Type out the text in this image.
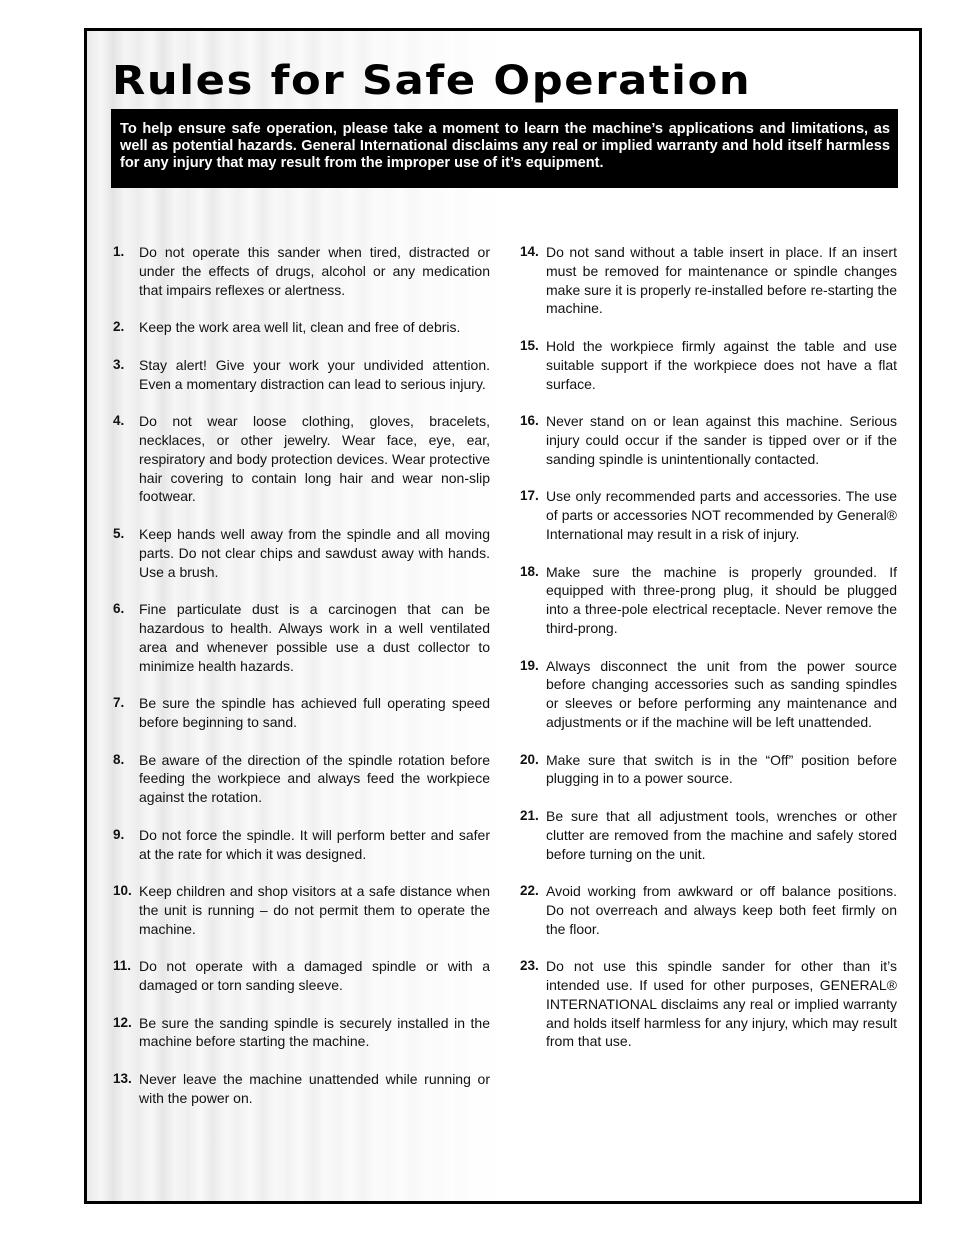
Rules for Safe Operation
To help ensure safe operation, please take a moment to learn the machine’s applications and limitations, as well as potential hazards. General International disclaims any real or implied warranty and hold itself harmless for any injury that may result from the improper use of it’s equipment.
1. Do not operate this sander when tired, distracted or under the effects of drugs, alcohol or any medication that impairs reflexes or alertness.
2. Keep the work area well lit, clean and free of debris.
3. Stay alert! Give your work your undivided attention. Even a momentary distraction can lead to serious injury.
4. Do not wear loose clothing, gloves, bracelets, necklaces, or other jewelry. Wear face, eye, ear, respiratory and body protection devices. Wear protective hair covering to contain long hair and wear non-slip footwear.
5. Keep hands well away from the spindle and all moving parts. Do not clear chips and sawdust away with hands. Use a brush.
6. Fine particulate dust is a carcinogen that can be hazardous to health. Always work in a well ventilated area and whenever possible use a dust collector to minimize health hazards.
7. Be sure the spindle has achieved full operating speed before beginning to sand.
8. Be aware of the direction of the spindle rotation before feeding the workpiece and always feed the workpiece against the rotation.
9. Do not force the spindle. It will perform better and safer at the rate for which it was designed.
10. Keep children and shop visitors at a safe distance when the unit is running – do not permit them to operate the machine.
11. Do not operate with a damaged spindle or with a damaged or torn sanding sleeve.
12. Be sure the sanding spindle is securely installed in the machine before starting the machine.
13. Never leave the machine unattended while running or with the power on.
14. Do not sand without a table insert in place. If an insert must be removed for maintenance or spindle changes make sure it is properly re-installed before re-starting the machine.
15. Hold the workpiece firmly against the table and use suitable support if the workpiece does not have a flat surface.
16. Never stand on or lean against this machine. Serious injury could occur if the sander is tipped over or if the sanding spindle is unintentionally contacted.
17. Use only recommended parts and accessories. The use of parts or accessories NOT recommended by General® International may result in a risk of injury.
18. Make sure the machine is properly grounded. If equipped with three-prong plug, it should be plugged into a three-pole electrical receptacle. Never remove the third-prong.
19. Always disconnect the unit from the power source before changing accessories such as sanding spindles or sleeves or before performing any maintenance and adjustments or if the machine will be left unattended.
20. Make sure that switch is in the “Off” position before plugging in to a power source.
21. Be sure that all adjustment tools, wrenches or other clutter are removed from the machine and safely stored before turning on the unit.
22. Avoid working from awkward or off balance positions. Do not overreach and always keep both feet firmly on the floor.
23. Do not use this spindle sander for other than it’s intended use. If used for other purposes, GENERAL® INTERNATIONAL disclaims any real or implied warranty and holds itself harmless for any injury, which may result from that use.
